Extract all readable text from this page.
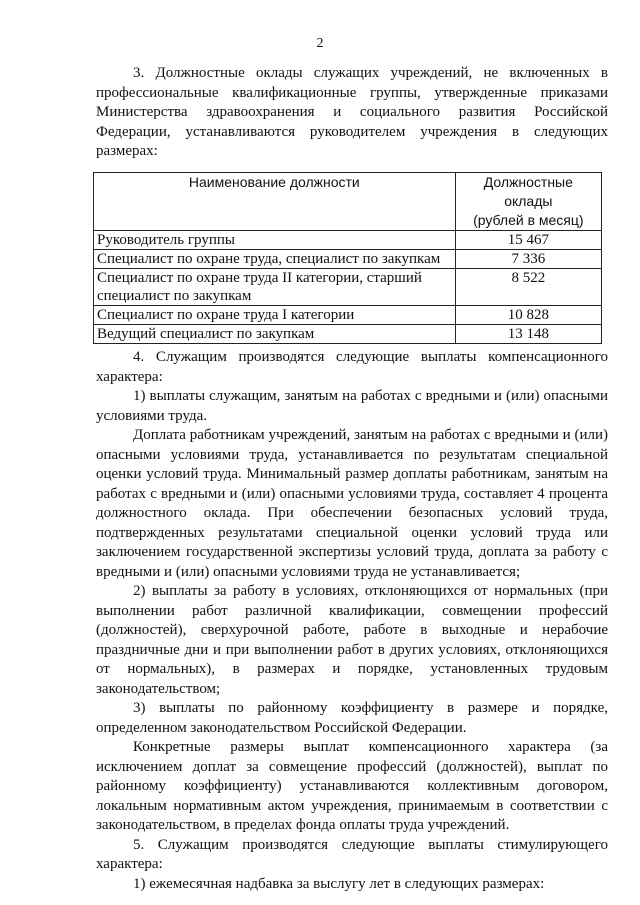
2

3. Должностные оклады служащих учреждений, не включенных в профессиональные квалификационные группы, утвержденные приказами Министерства здравоохранения и социального развития Российской Федерации, устанавливаются руководителем учреждения в следующих размерах:

Наименование должности	Должностные оклады
(рублей в месяц)

Руководитель группы	15 467
Специалист по охране труда, специалист по закупкам	7 336
Специалист по охране труда II категории, старший специалист по закупкам	8 522
Специалист по охране труда I категории	10 828
Ведущий специалист по закупкам	13 148

4. Служащим производятся следующие выплаты компенсационного характера:

1) выплаты служащим, занятым на работах с вредными и (или) опасными условиями труда.

Доплата работникам учреждений, занятым на работах с вредными и (или) опасными условиями труда, устанавливается по результатам специальной оценки условий труда. Минимальный размер доплаты работникам, занятым на работах с вредными и (или) опасными условиями труда, составляет 4 процента должностного оклада. При обеспечении безопасных условий труда, подтвержденных результатами специальной оценки условий труда или заключением государственной экспертизы условий труда, доплата за работу с вредными и (или) опасными условиями труда не устанавливается;

2) выплаты за работу в условиях, отклоняющихся от нормальных (при выполнении работ различной квалификации, совмещении профессий (должностей), сверхурочной работе, работе в выходные и нерабочие праздничные дни и при выполнении работ в других условиях, отклоняющихся от нормальных), в размерах и порядке, установленных трудовым законодательством;

3) выплаты по районному коэффициенту в размере и порядке, определенном законодательством Российской Федерации.

Конкретные размеры выплат компенсационного характера (за исключением доплат за совмещение профессий (должностей), выплат по районному коэффициенту) устанавливаются коллективным договором, локальным нормативным актом учреждения, принимаемым в соответствии с законодательством, в пределах фонда оплаты труда учреждений.

5. Служащим производятся следующие выплаты стимулирующего характера:

1) ежемесячная надбавка за выслугу лет в следующих размерах:
